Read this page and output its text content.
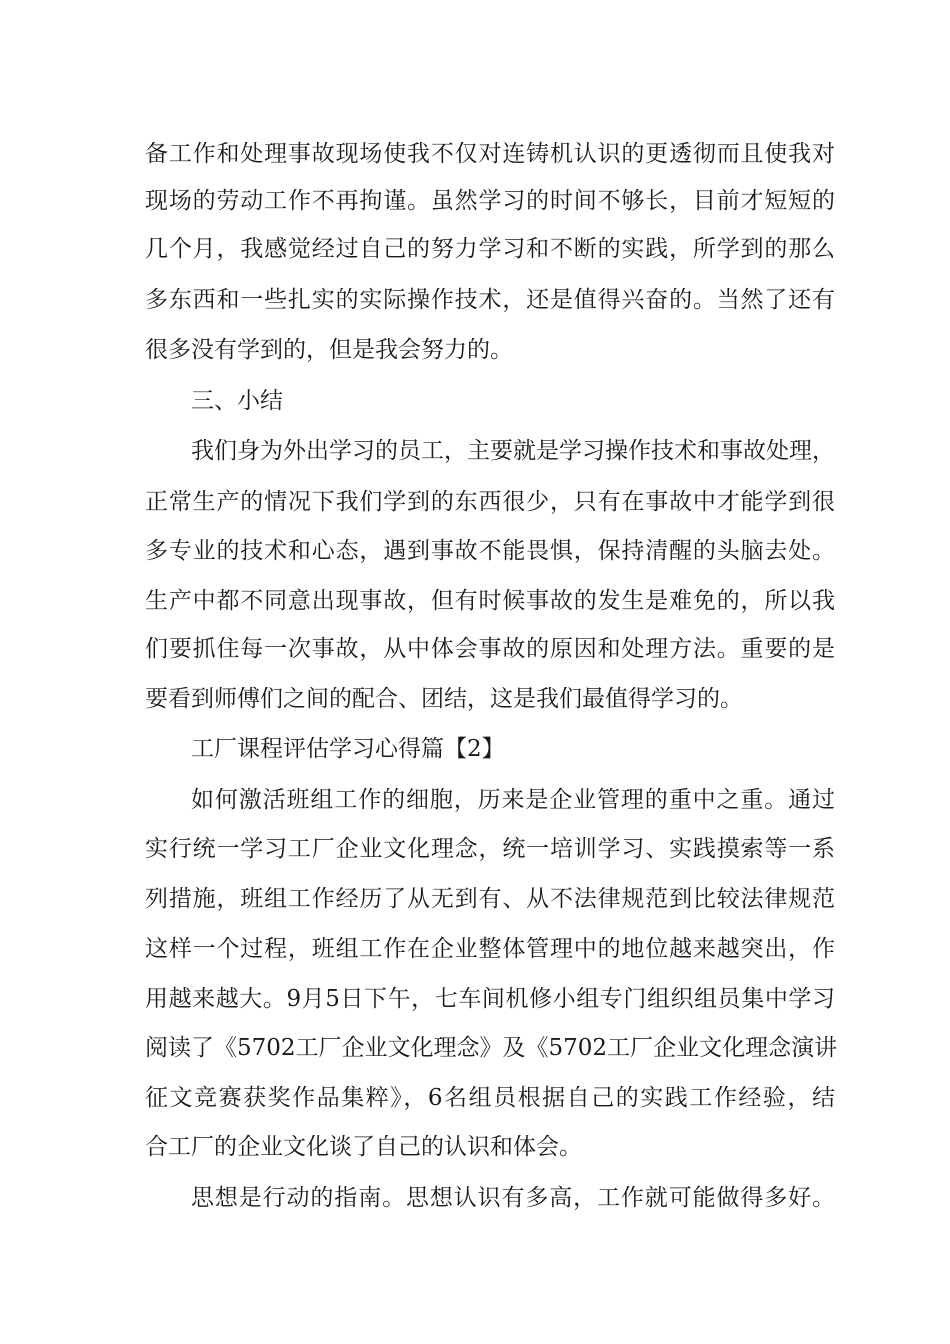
备工作和处理事故现场使我不仅对连铸机认识的更透彻而且使我对
现场的劳动工作不再拘谨。虽然学习的时间不够长，目前才短短的
几个月，我感觉经过自己的努力学习和不断的实践，所学到的那么
多东西和一些扎实的实际操作技术，还是值得兴奋的。当然了还有
很多没有学到的，但是我会努力的。
三、小结
我们身为外出学习的员工，主要就是学习操作技术和事故处理，
正常生产的情况下我们学到的东西很少，只有在事故中才能学到很
多专业的技术和心态，遇到事故不能畏惧，保持清醒的头脑去处。
生产中都不同意出现事故，但有时候事故的发生是难免的，所以我
们要抓住每一次事故，从中体会事故的原因和处理方法。重要的是
要看到师傅们之间的配合、团结，这是我们最值得学习的。
工厂课程评估学习心得篇【2】
如何激活班组工作的细胞，历来是企业管理的重中之重。通过
实行统一学习工厂企业文化理念，统一培训学习、实践摸索等一系
列措施，班组工作经历了从无到有、从不法律规范到比较法律规范
这样一个过程，班组工作在企业整体管理中的地位越来越突出，作
用越来越大。9月5日下午，七车间机修小组专门组织组员集中学习
阅读了《5702工厂企业文化理念》及《5702工厂企业文化理念演讲
征文竞赛获奖作品集粹》，6名组员根据自己的实践工作经验，结
合工厂的企业文化谈了自己的认识和体会。
思想是行动的指南。思想认识有多高，工作就可能做得多好。
